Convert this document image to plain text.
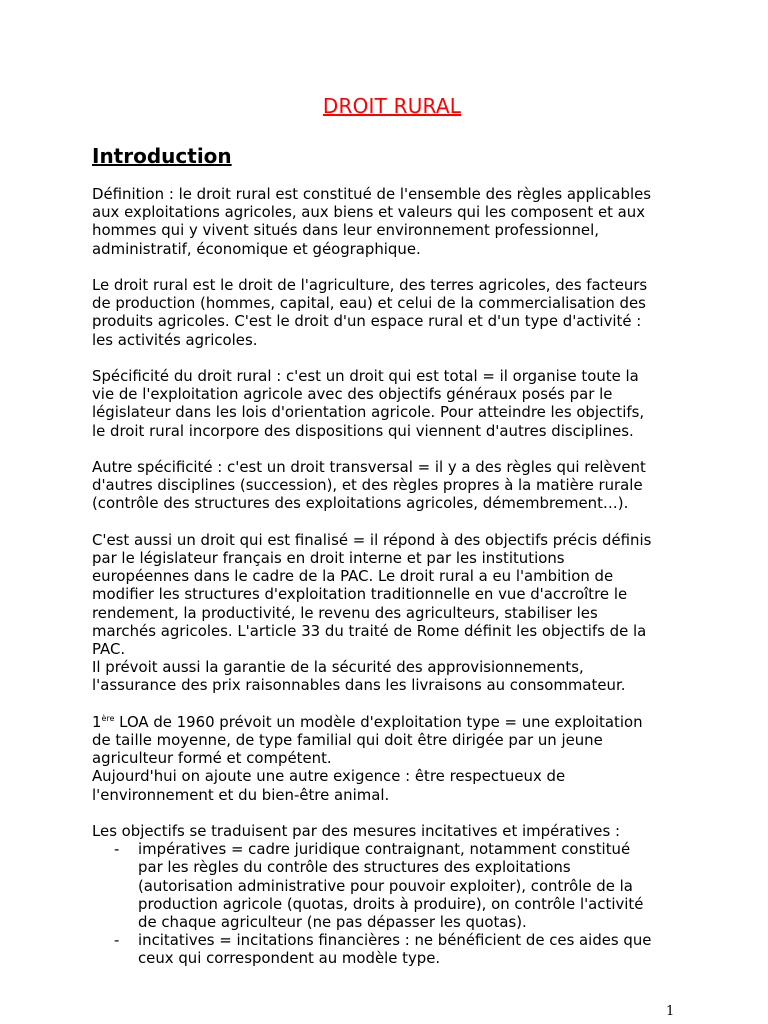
DROIT RURAL
Introduction

Définition : le droit rural est constitué de l'ensemble des règles applicables
aux exploitations agricoles, aux biens et valeurs qui les composent et aux
hommes qui y vivent situés dans leur environnement professionnel,
administratif, économique et géographique.

Le droit rural est le droit de l'agriculture, des terres agricoles, des facteurs
de production (hommes, capital, eau) et celui de la commercialisation des
produits agricoles. C'est le droit d'un espace rural et d'un type d'activité :
les activités agricoles.

Spécificité du droit rural : c'est un droit qui est total = il organise toute la
vie de l'exploitation agricole avec des objectifs généraux posés par le
législateur dans les lois d'orientation agricole. Pour atteindre les objectifs,
le droit rural incorpore des dispositions qui viennent d'autres disciplines.

Autre spécificité : c'est un droit transversal = il y a des règles qui relèvent
d'autres disciplines (succession), et des règles propres à la matière rurale
(contrôle des structures des exploitations agricoles, démembrement…).

C'est aussi un droit qui est finalisé = il répond à des objectifs précis définis
par le législateur français en droit interne et par les institutions
européennes dans le cadre de la PAC. Le droit rural a eu l'ambition de
modifier les structures d'exploitation traditionnelle en vue d'accroître le
rendement, la productivité, le revenu des agriculteurs, stabiliser les
marchés agricoles. L'article 33 du traité de Rome définit les objectifs de la
PAC.

Il prévoit aussi la garantie de la sécurité des approvisionnements,
l'assurance des prix raisonnables dans les livraisons au consommateur.

1ère LOA de 1960 prévoit un modèle d'exploitation type = une exploitation
de taille moyenne, de type familial qui doit être dirigée par un jeune
agriculteur formé et compétent.

Aujourd'hui on ajoute une autre exigence : être respectueux de
l'environnement et du bien-être animal.

Les objectifs se traduisent par des mesures incitatives et impératives :

- impératives = cadre juridique contraignant, notamment constitué
par les règles du contrôle des structures des exploitations
(autorisation administrative pour pouvoir exploiter), contrôle de la
production agricole (quotas, droits à produire), on contrôle l'activité
de chaque agriculteur (ne pas dépasser les quotas).
- incitatives = incitations financières : ne bénéficient de ces aides que
ceux qui correspondent au modèle type.
1
